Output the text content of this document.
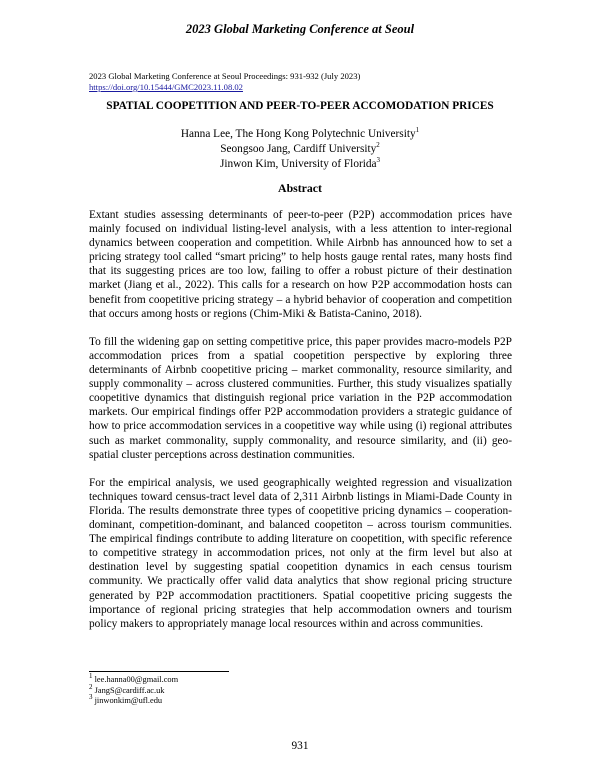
2023 Global Marketing Conference at Seoul
2023 Global Marketing Conference at Seoul Proceedings: 931-932 (July 2023)
https://doi.org/10.15444/GMC2023.11.08.02
SPATIAL COOPETITION AND PEER-TO-PEER ACCOMODATION PRICES
Hanna Lee, The Hong Kong Polytechnic University$^1$
Seongsoo Jang, Cardiff University$^2$
Jinwon Kim, University of Florida$^3$
Abstract

Extant studies assessing determinants of peer-to-peer (P2P) accommodation prices have mainly focused on individual listing-level analysis, with a less attention to inter-regional dynamics between cooperation and competition. While Airbnb has announced how to set a pricing strategy tool called “smart pricing” to help hosts gauge rental rates, many hosts find that its suggesting prices are too low, failing to offer a robust picture of their destination market (Jiang et al., 2022). This calls for a research on how P2P accommodation hosts can benefit from coopetitive pricing strategy – a hybrid behavior of cooperation and competition that occurs among hosts or regions (Chim-Miki & Batista-Canino, 2018).

To fill the widening gap on setting competitive price, this paper provides macro-models P2P accommodation prices from a spatial coopetition perspective by exploring three determinants of Airbnb coopetitive pricing – market commonality, resource similarity, and supply commonality – across clustered communities. Further, this study visualizes spatially coopetitive dynamics that distinguish regional price variation in the P2P accommodation markets. Our empirical findings offer P2P accommodation providers a strategic guidance of how to price accommodation services in a coopetitive way while using (i) regional attributes such as market commonality, supply commonality, and resource similarity, and (ii) geo-spatial cluster perceptions across destination communities.

For the empirical analysis, we used geographically weighted regression and visualization techniques toward census-tract level data of 2,311 Airbnb listings in Miami-Dade County in Florida. The results demonstrate three types of coopetitive pricing dynamics – cooperation-dominant, competition-dominant, and balanced coopetiton – across tourism communities. The empirical findings contribute to adding literature on coopetition, with specific reference to competitive strategy in accommodation prices, not only at the firm level but also at destination level by suggesting spatial coopetition dynamics in each census tourism community. We practically offer valid data analytics that show regional pricing structure generated by P2P accommodation practitioners. Spatial coopetitive pricing suggests the importance of regional pricing strategies that help accommodation owners and tourism policy makers to appropriately manage local resources within and across communities.

$^1$ lee.hanna00@gmail.com
$^2$ JangS@cardiff.ac.uk
$^3$ jinwonkim@ufl.edu
931
